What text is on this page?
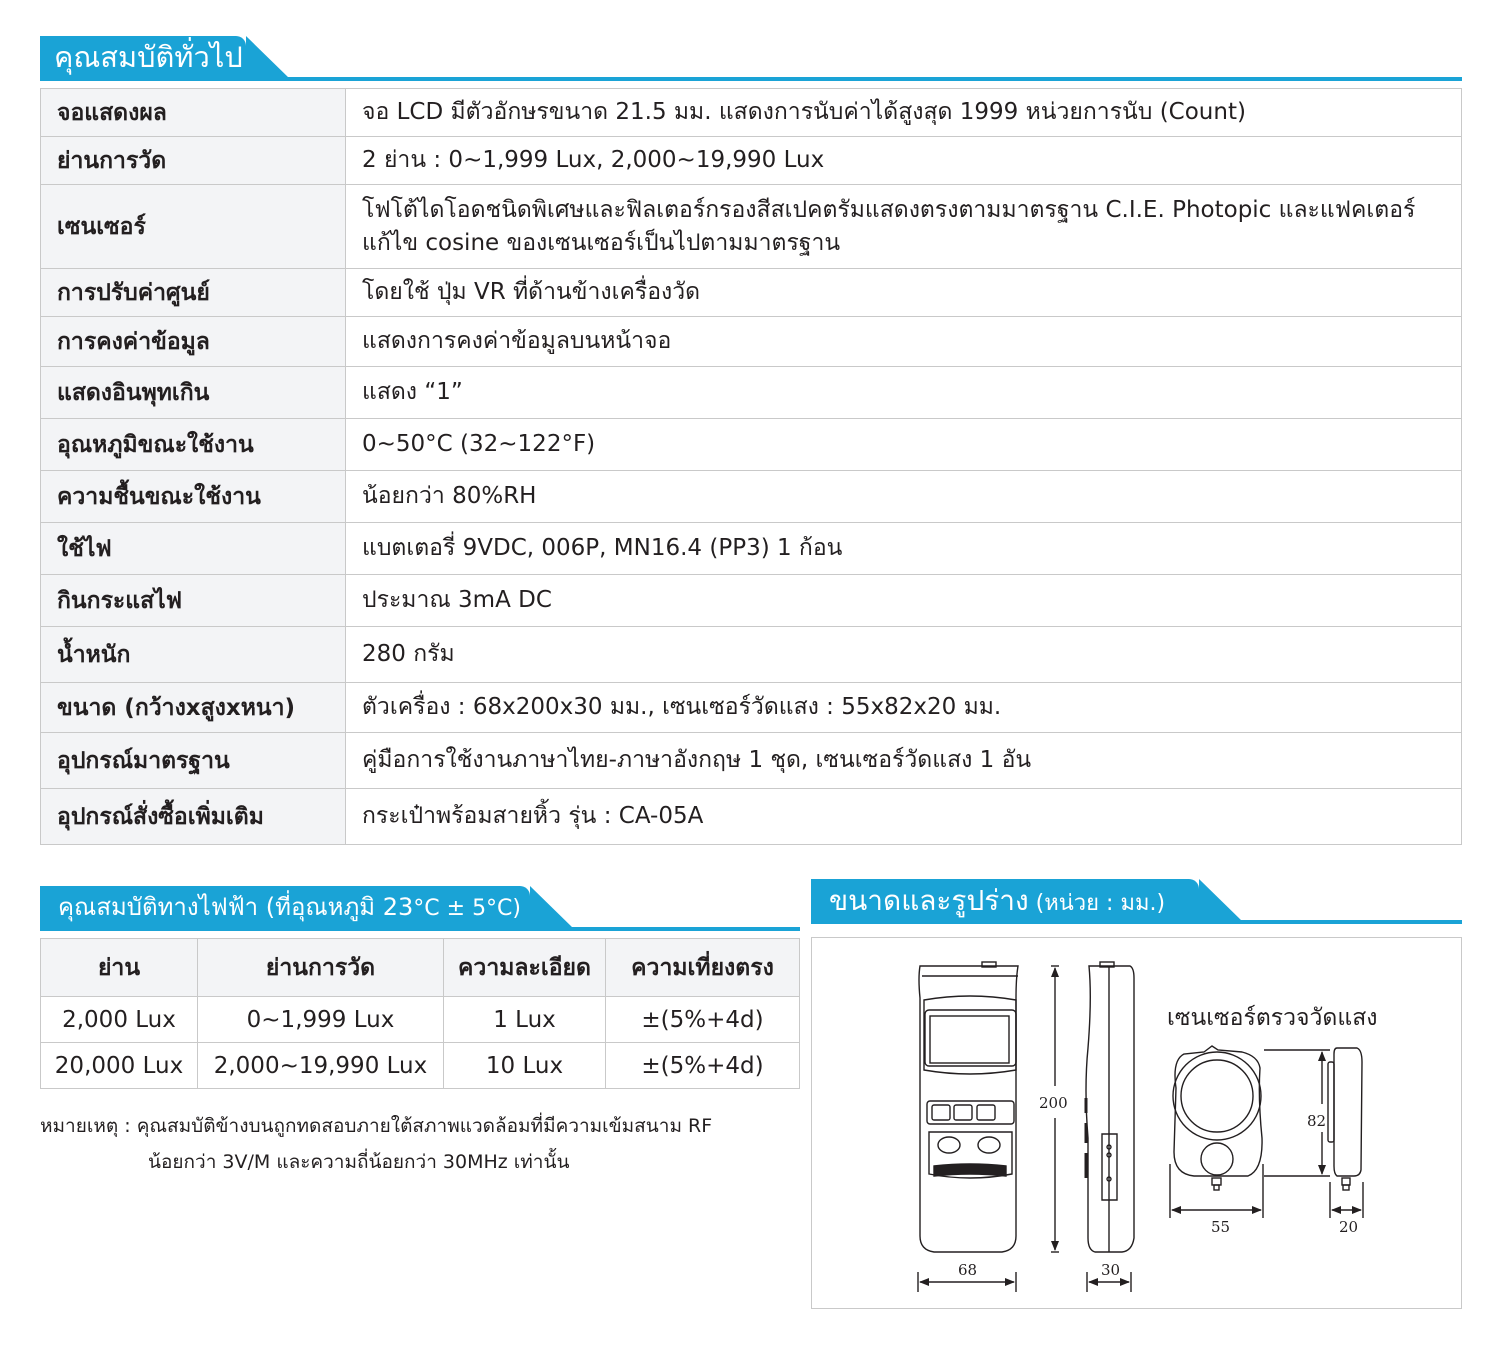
คุณสมบัติทั่วไป
จอแสดงผล	จอ LCD มีตัวอักษรขนาด 21.5 มม. แสดงการนับค่าได้สูงสุด 1999 หน่วยการนับ (Count)
ย่านการวัด	2 ย่าน : 0~1,999 Lux, 2,000~19,990 Lux
เซนเซอร์	โฟโต้ไดโอดชนิดพิเศษและฟิลเตอร์กรองสีสเปคตรัมแสดงตรงตามมาตรฐาน C.I.E. Photopic และแฟคเตอร์แก้ไข cosine ของเซนเซอร์เป็นไปตามมาตรฐาน
การปรับค่าศูนย์	โดยใช้ ปุ่ม VR ที่ด้านข้างเครื่องวัด
การคงค่าข้อมูล	แสดงการคงค่าข้อมูลบนหน้าจอ
แสดงอินพุทเกิน	แสดง “1”
อุณหภูมิขณะใช้งาน	0~50°C (32~122°F)
ความชื้นขณะใช้งาน	น้อยกว่า 80%RH
ใช้ไฟ	แบตเตอรี่ 9VDC, 006P, MN16.4 (PP3) 1 ก้อน
กินกระแสไฟ	ประมาณ 3mA DC
น้ำหนัก	280 กรัม
ขนาด (กว้างxสูงxหนา)	ตัวเครื่อง : 68x200x30 มม., เซนเซอร์วัดแสง : 55x82x20 มม.
อุปกรณ์มาตรฐาน	คู่มือการใช้งานภาษาไทย-ภาษาอังกฤษ 1 ชุด, เซนเซอร์วัดแสง 1 อัน
อุปกรณ์สั่งซื้อเพิ่มเติม	กระเป๋าพร้อมสายหิ้ว รุ่น : CA-05A
คุณสมบัติทางไฟฟ้า (ที่อุณหภูมิ 23°C ± 5°C)
ย่าน	ย่านการวัด	ความละเอียด	ความเที่ยงตรง
2,000 Lux	0~1,999 Lux	1 Lux	±(5%+4d)
20,000 Lux	2,000~19,990 Lux	10 Lux	±(5%+4d)
หมายเหตุ : คุณสมบัติข้างบนถูกทดสอบภายใต้สภาพแวดล้อมที่มีความเข้มสนาม RF
น้อยกว่า 3V/M และความถี่น้อยกว่า 30MHz เท่านั้น
ขนาดและรูปร่าง (หน่วย : มม.)
เซนเซอร์ตรวจวัดแสง
200
68	30
82
55	20
